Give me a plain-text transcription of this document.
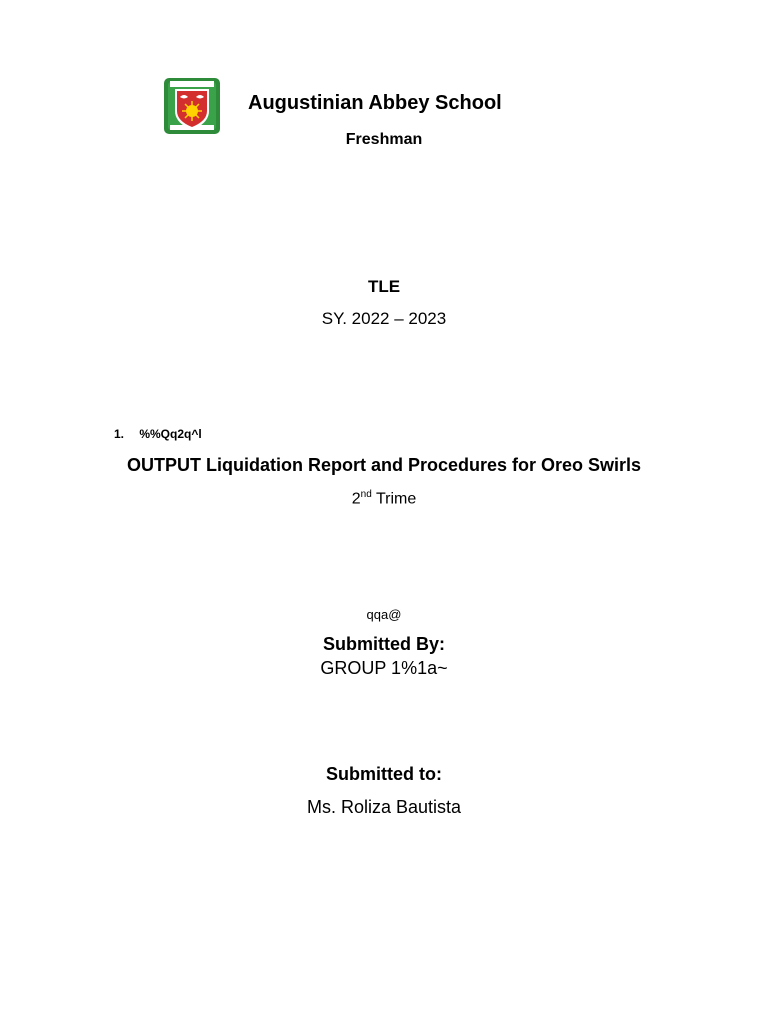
Augustinian Abbey School
Freshman
TLE
SY. 2022 – 2023
1. %%Qq2q^l
OUTPUT Liquidation Report and Procedures for Oreo Swirls
2nd Trime
qqa@
Submitted By:
GROUP 1%1a~
Submitted to:
Ms. Roliza Bautista
